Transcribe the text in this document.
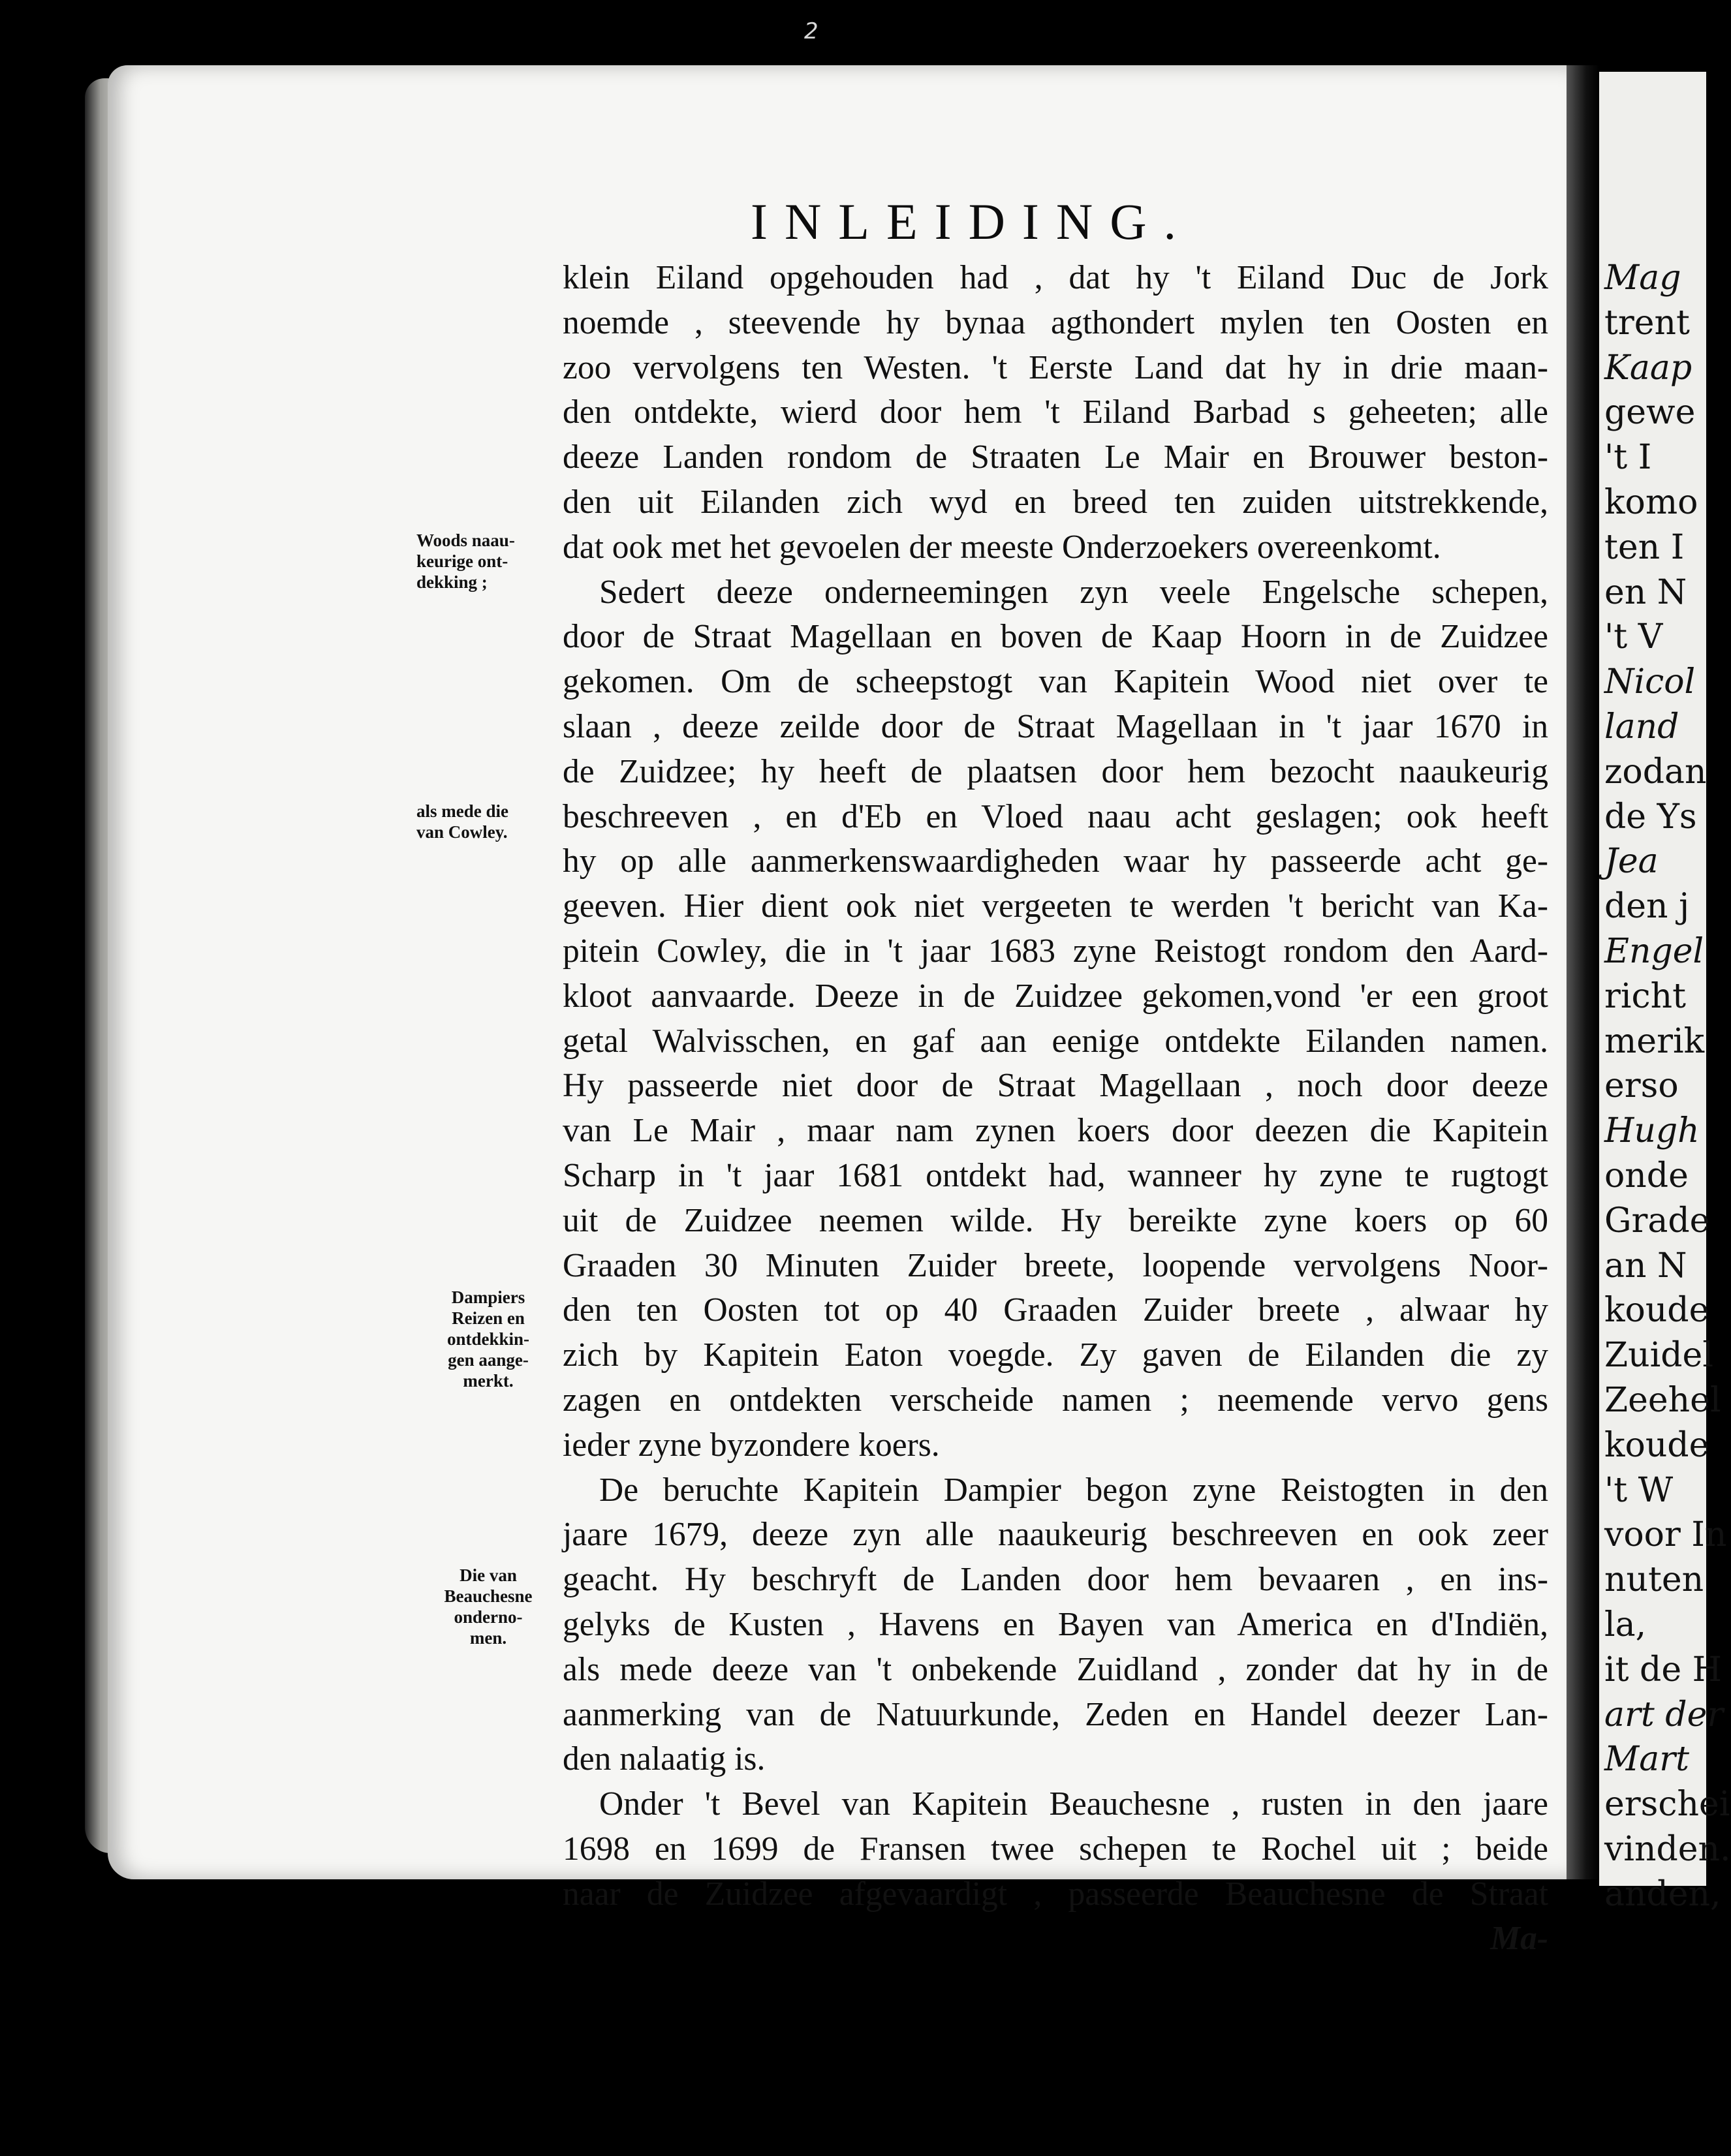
2
INLEIDING.
klein Eiland opgehouden had , dat hy 't Eiland Duc de Jork
noemde , steevende hy bynaa agthondert mylen ten Oosten en
zoo vervolgens ten Westen. 't Eerste Land dat hy in drie maan-
den ontdekte, wierd door hem 't Eiland Barbad s geheeten; alle
deeze Landen rondom de Straaten Le Mair en Brouwer beston-
den uit Eilanden zich wyd en breed ten zuiden uitstrekkende,
dat ook met het gevoelen der meeste Onderzoekers overeenkomt.
Sedert deeze onderneemingen zyn veele Engelsche schepen,
door de Straat Magellaan en boven de Kaap Hoorn in de Zuidzee
gekomen. Om de scheepstogt van Kapitein Wood niet over te
slaan , deeze zeilde door de Straat Magellaan in 't jaar 1670 in
de Zuidzee; hy heeft de plaatsen door hem bezocht naaukeurig
beschreeven , en d'Eb en Vloed naau acht geslagen; ook heeft
hy op alle aanmerkenswaardigheden waar hy passeerde acht ge-
geeven. Hier dient ook niet vergeeten te werden 't bericht van Ka-
pitein Cowley, die in 't jaar 1683 zyne Reistogt rondom den Aard-
kloot aanvaarde. Deeze in de Zuidzee gekomen,vond 'er een groot
getal Walvisschen, en gaf aan eenige ontdekte Eilanden namen.
Hy passeerde niet door de Straat Magellaan , noch door deeze
van Le Mair , maar nam zynen koers door deezen die Kapitein
Scharp in 't jaar 1681 ontdekt had, wanneer hy zyne te rugtogt
uit de Zuidzee neemen wilde. Hy bereikte zyne koers op 60
Graaden 30 Minuten Zuider breete, loopende vervolgens Noor-
den ten Oosten tot op 40 Graaden Zuider breete , alwaar hy
zich by Kapitein Eaton voegde. Zy gaven de Eilanden die zy
zagen en ontdekten verscheide namen ; neemende vervo gens
ieder zyne byzondere koers.
De beruchte Kapitein Dampier begon zyne Reistogten in den
jaare 1679, deeze zyn alle naaukeurig beschreeven en ook zeer
geacht. Hy beschryft de Landen door hem bevaaren , en ins-
gelyks de Kusten , Havens en Bayen van America en d'Indiën,
als mede deeze van 't onbekende Zuidland , zonder dat hy in de
aanmerking van de Natuurkunde, Zeden en Handel deezer Lan-
den nalaatig is.
Onder 't Bevel van Kapitein Beauchesne , rusten in den jaare
1698 en 1699 de Fransen twee schepen te Rochel uit ; beide
naar de Zuidzee afgevaardigt , passeerde Beauchesne de Straat
Ma-
Woods naau-
keurige ont-
dekking ;
als mede die
van Cowley.
Dampiers
Reizen en
ontdekkin-
gen aange-
merkt.
Die van
Beauchesne
onderno-
men.
Mag
trent
Kaap
gewe
't I
komo
ten I
en N
't V
Nicol
land
zodan
de Ys
Jea
den j
Engel
richt
merik
erso
Hugh
onde
Grade
an N
koude
Zuidel
Zeehel
koude
't W
voor In
nuten
la,
it de H
art der
Mart
erschei
vinden.
anden,
